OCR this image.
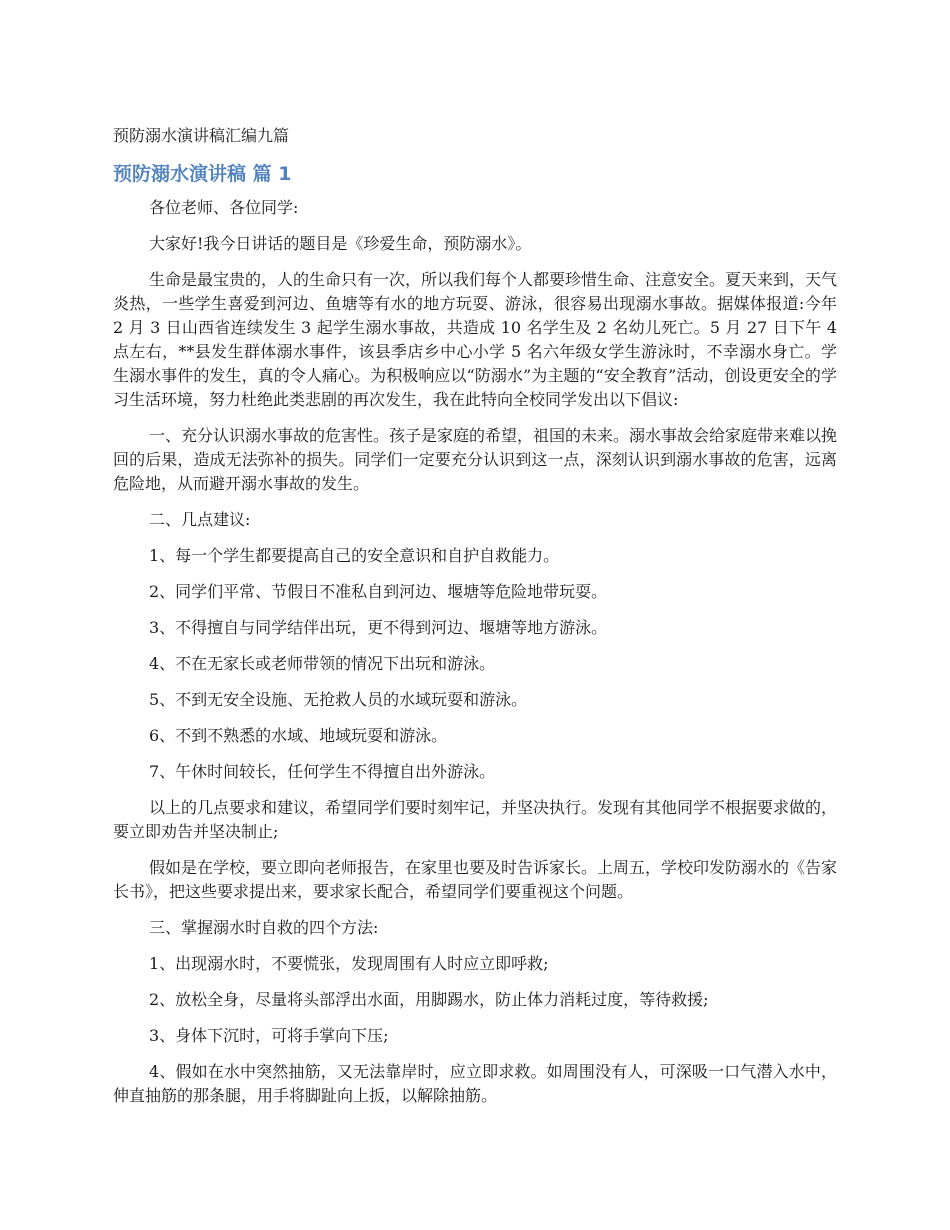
预防溺水演讲稿汇编九篇
预防溺水演讲稿 篇 1

各位老师、各位同学:

大家好!我今日讲话的题目是《珍爱生命，预防溺水》。

生命是最宝贵的，人的生命只有一次，所以我们每个人都要珍惜生命、注意安全。夏天来到，天气炎热，一些学生喜爱到河边、鱼塘等有水的地方玩耍、游泳，很容易出现溺水事故。据媒体报道:今年 2 月 3 日山西省连续发生 3 起学生溺水事故，共造成 10 名学生及 2 名幼儿死亡。5 月 27 日下午 4 点左右，**县发生群体溺水事件，该县季店乡中心小学 5 名六年级女学生游泳时，不幸溺水身亡。学生溺水事件的发生，真的令人痛心。为积极响应以“防溺水”为主题的“安全教育”活动，创设更安全的学习生活环境，努力杜绝此类悲剧的再次发生，我在此特向全校同学发出以下倡议:

一、充分认识溺水事故的危害性。孩子是家庭的希望，祖国的未来。溺水事故会给家庭带来难以挽回的后果，造成无法弥补的损失。同学们一定要充分认识到这一点，深刻认识到溺水事故的危害，远离危险地，从而避开溺水事故的发生。

二、几点建议:

1、每一个学生都要提高自己的安全意识和自护自救能力。

2、同学们平常、节假日不准私自到河边、堰塘等危险地带玩耍。

3、不得擅自与同学结伴出玩，更不得到河边、堰塘等地方游泳。

4、不在无家长或老师带领的情况下出玩和游泳。

5、不到无安全设施、无抢救人员的水域玩耍和游泳。

6、不到不熟悉的水域、地域玩耍和游泳。

7、午休时间较长，任何学生不得擅自出外游泳。

以上的几点要求和建议，希望同学们要时刻牢记，并坚决执行。发现有其他同学不根据要求做的，要立即劝告并坚决制止;

假如是在学校，要立即向老师报告，在家里也要及时告诉家长。上周五，学校印发防溺水的《告家长书》，把这些要求提出来，要求家长配合，希望同学们要重视这个问题。

三、掌握溺水时自救的四个方法:

1、出现溺水时，不要慌张，发现周围有人时应立即呼救;

2、放松全身，尽量将头部浮出水面，用脚踢水，防止体力消耗过度，等待救援;

3、身体下沉时，可将手掌向下压;

4、假如在水中突然抽筋，又无法靠岸时，应立即求救。如周围没有人，可深吸一口气潜入水中，伸直抽筋的那条腿，用手将脚趾向上扳，以解除抽筋。
